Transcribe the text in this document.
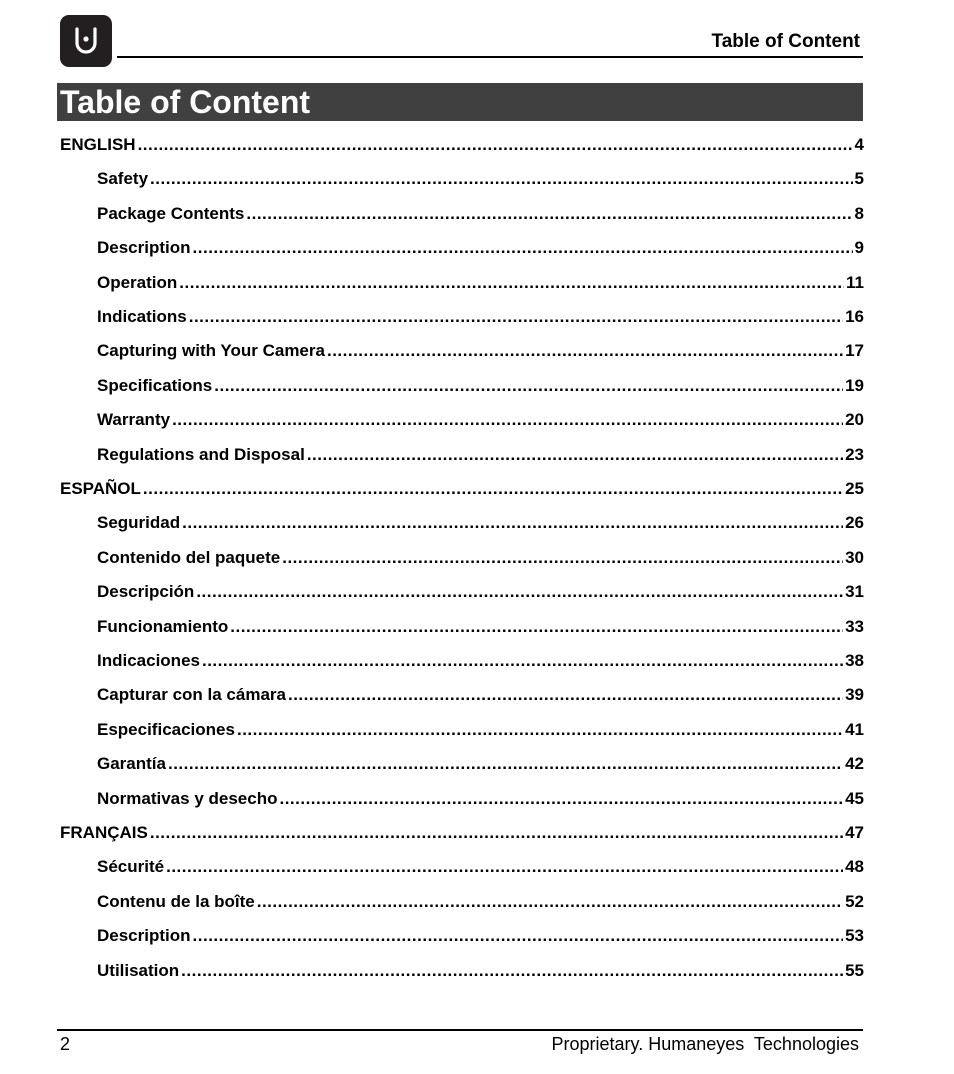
Table of Content
Table of Content
ENGLISH .....	4
Safety .....	5
Package Contents .....	8
Description .....	9
Operation .....	11
Indications .....	16
Capturing with Your Camera .....	17
Specifications .....	19
Warranty .....	20
Regulations and Disposal .....	23
ESPAÑOL .....	25
Seguridad .....	26
Contenido del paquete .....	30
Descripción .....	31
Funcionamiento .....	33
Indicaciones .....	38
Capturar con la cámara .....	39
Especificaciones .....	41
Garantía .....	42
Normativas y desecho .....	45
FRANÇAIS .....	47
Sécurité .....	48
Contenu de la boîte .....	52
Description .....	53
Utilisation .....	55
2	Proprietary. Humaneyes  Technologies
